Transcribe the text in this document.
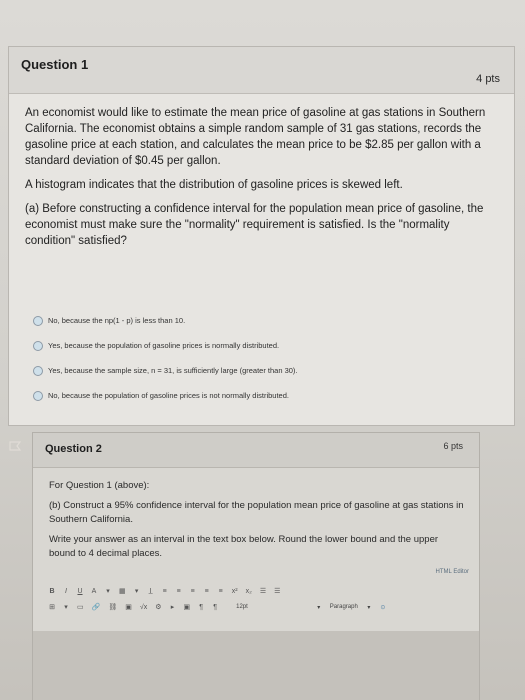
Question 1
4 pts

An economist would like to estimate the mean price of gasoline at gas stations in Southern California. The economist obtains a simple random sample of 31 gas stations, records the gasoline price at each station, and calculates the mean price to be $2.85 per gallon with a standard deviation of $0.45 per gallon.

A histogram indicates that the distribution of gasoline prices is skewed left.

(a) Before constructing a confidence interval for the population mean price of gasoline, the economist must make sure the "normality" requirement is satisfied. Is the "normality condition" satisfied?

No, because the np(1 - p) is less than 10.
Yes, because the population of gasoline prices is normally distributed.
Yes, because the sample size, n = 31, is sufficiently large (greater than 30).
No, because the population of gasoline prices is not normally distributed.
Question 2	6 pts

For Question 1 (above):

(b) Construct a 95% confidence interval for the population mean price of gasoline at gas stations in Southern California.

Write your answer as an interval in the text box below. Round the lower bound and the upper bound to 4 decimal places.

HTML Editor
B I U A ▾ ▦ ▾ I̲ ≡ ≡ ≡ ≡ ≡ x² x₂ ☰ ☰
⊞ ▾ ▭ 🔗 ⛓ ▣ √x ⚙ ▸ ▣ ¶ ¶	12pt	▾ Paragraph ▾ ⊙
